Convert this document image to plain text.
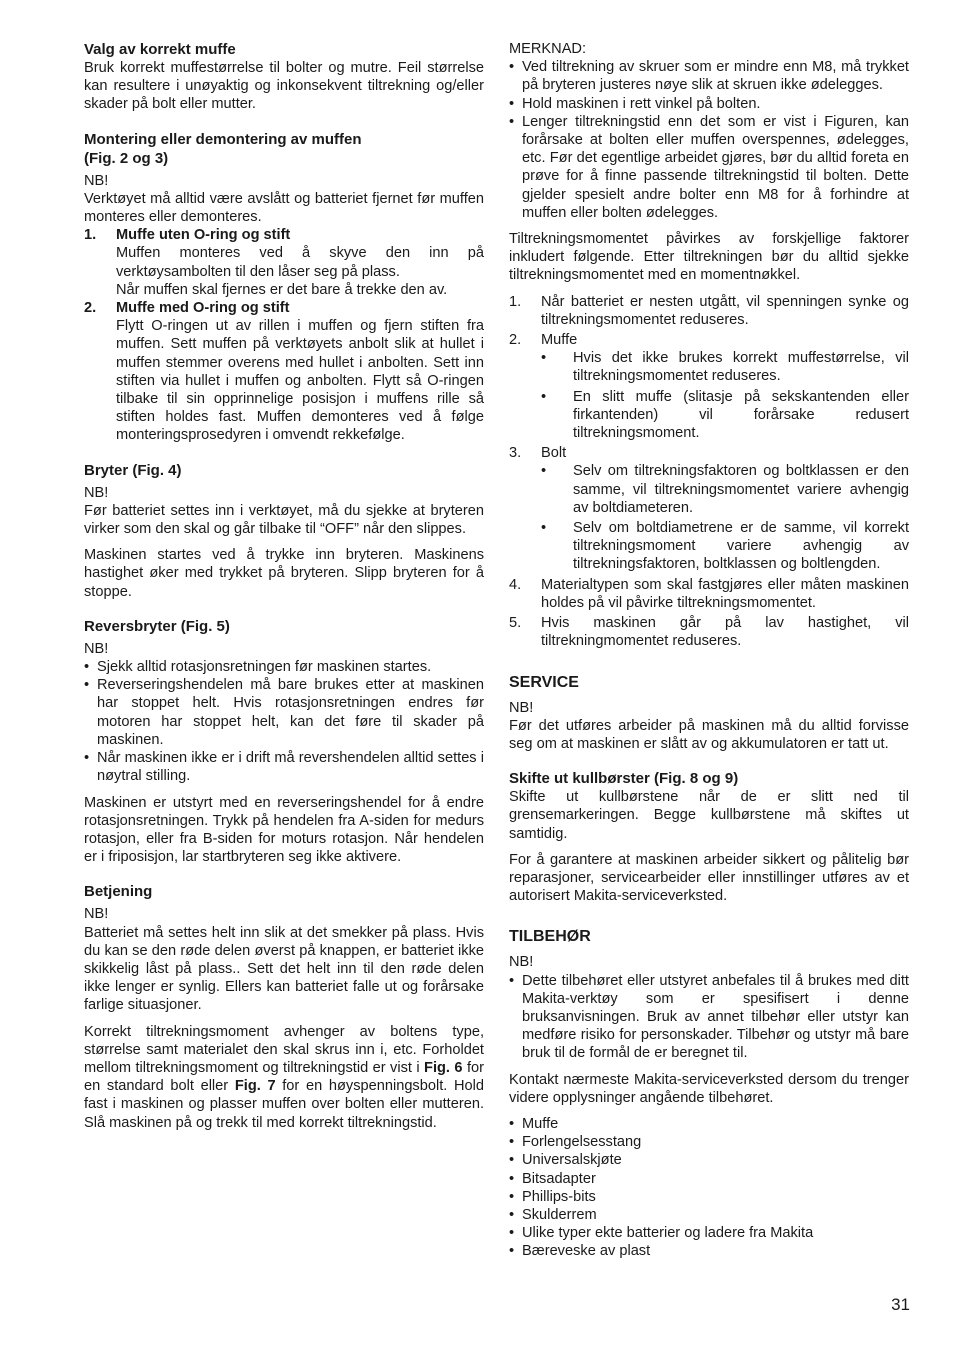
Valg av korrekt muffe

Bruk korrekt muffestørrelse til bolter og mutre. Feil størrelse kan resultere i unøyaktig og inkonsekvent tiltrekning og/eller skader på bolt eller mutter.

Montering eller demontering av muffen
(Fig. 2 og 3)

NB!

Verktøyet må alltid være avslått og batteriet fjernet før muffen monteres eller demonteres.

1. Muffe uten O-ring og stift
Muffen monteres ved å skyve den inn på verktøysambolten til den låser seg på plass.
Når muffen skal fjernes er det bare å trekke den av.
2. Muffe med O-ring og stift
Flytt O-ringen ut av rillen i muffen og fjern stiften fra muffen. Sett muffen på verktøyets anbolt slik at hullet i muffen stemmer overens med hullet i anbolten. Sett inn stiften via hullet i muffen og anbolten. Flytt så O-ringen tilbake til sin opprinnelige posisjon i muffens rille så stiften holdes fast. Muffen demonteres ved å følge monteringsprosedyren i omvendt rekkefølge.
Bryter (Fig. 4)

NB!

Før batteriet settes inn i verktøyet, må du sjekke at bryteren virker som den skal og går tilbake til “OFF” når den slippes.

Maskinen startes ved å trykke inn bryteren. Maskinens hastighet øker med trykket på bryteren. Slipp bryteren for å stoppe.

Reversbryter (Fig. 5)

NB!

• Sjekk alltid rotasjonsretningen før maskinen startes.
• Reverseringshendelen må bare brukes etter at maskinen har stoppet helt. Hvis rotasjonsretningen endres før motoren har stoppet helt, kan det føre til skader på maskinen.
• Når maskinen ikke er i drift må revershendelen alltid settes i nøytral stilling.

Maskinen er utstyrt med en reverseringshendel for å endre rotasjonsretningen. Trykk på hendelen fra A-siden for medurs rotasjon, eller fra B-siden for moturs rotasjon. Når hendelen er i friposisjon, lar startbryteren seg ikke aktivere.

Betjening

NB!

Batteriet må settes helt inn slik at det smekker på plass. Hvis du kan se den røde delen øverst på knappen, er batteriet ikke skikkelig låst på plass.. Sett det helt inn til den røde delen ikke lenger er synlig. Ellers kan batteriet falle ut og forårsake farlige situasjoner.

Korrekt tiltrekningsmoment avhenger av boltens type, størrelse samt materialet den skal skrus inn i, etc. Forholdet mellom tiltrekningsmoment og tiltrekningstid er vist i Fig. 6 for en standard bolt eller Fig. 7 for en høyspenningsbolt. Hold fast i maskinen og plasser muffen over bolten eller mutteren. Slå maskinen på og trekk til med korrekt tiltrekningstid.

MERKNAD:

• Ved tiltrekning av skruer som er mindre enn M8, må trykket på bryteren justeres nøye slik at skruen ikke ødelegges.
• Hold maskinen i rett vinkel på bolten.
• Lenger tiltrekningstid enn det som er vist i Figuren, kan forårsake at bolten eller muffen overspennes, ødelegges, etc. Før det egentlige arbeidet gjøres, bør du alltid foreta en prøve for å finne passende tiltrekningstid til bolten. Dette gjelder spesielt andre bolter enn M8 for å forhindre at muffen eller bolten ødelegges.

Tiltrekningsmomentet påvirkes av forskjellige faktorer inkludert følgende. Etter tiltrekningen bør du alltid sjekke tiltrekningsmomentet med en momentnøkkel.

1. Når batteriet er nesten utgått, vil spenningen synke og tiltrekningsmomentet reduseres.
2. Muffe
• Hvis det ikke brukes korrekt muffestørrelse, vil tiltrekningsmomentet reduseres.
• En slitt muffe (slitasje på sekskantenden eller firkantenden) vil forårsake redusert tiltrekningsmoment.
3. Bolt
• Selv om tiltrekningsfaktoren og boltklassen er den samme, vil tiltrekningsmomentet variere avhengig av boltdiameteren.
• Selv om boltdiametrene er de samme, vil korrekt tiltrekningsmoment variere avhengig av tiltrekningsfaktoren, boltklassen og boltlengden.
4. Materialtypen som skal fastgjøres eller måten maskinen holdes på vil påvirke tiltrekningsmomentet.
5. Hvis maskinen går på lav hastighet, vil tiltrekningmomentet reduseres.
SERVICE

NB!

Før det utføres arbeider på maskinen må du alltid forvisse seg om at maskinen er slått av og akkumulatoren er tatt ut.

Skifte ut kullbørster (Fig. 8 og 9)

Skifte ut kullbørstene når de er slitt ned til grensemarkeringen. Begge kullbørstene må skiftes ut samtidig.

For å garantere at maskinen arbeider sikkert og pålitelig bør reparasjoner, servicearbeider eller innstillinger utføres av et autorisert Makita-serviceverksted.

TILBEHØR

NB!

• Dette tilbehøret eller utstyret anbefales til å brukes med ditt Makita-verktøy som er spesifisert i denne bruksanvisningen. Bruk av annet tilbehør eller utstyr kan medføre risiko for personskader. Tilbehør og utstyr må bare bruk til de formål de er beregnet til.

Kontakt nærmeste Makita-serviceverksted dersom du trenger videre opplysninger angående tilbehøret.

• Muffe
• Forlengelsesstang
• Universalskjøte
• Bitsadapter
• Phillips-bits
• Skulderrem
• Ulike typer ekte batterier og ladere fra Makita
• Bæreveske av plast
31
